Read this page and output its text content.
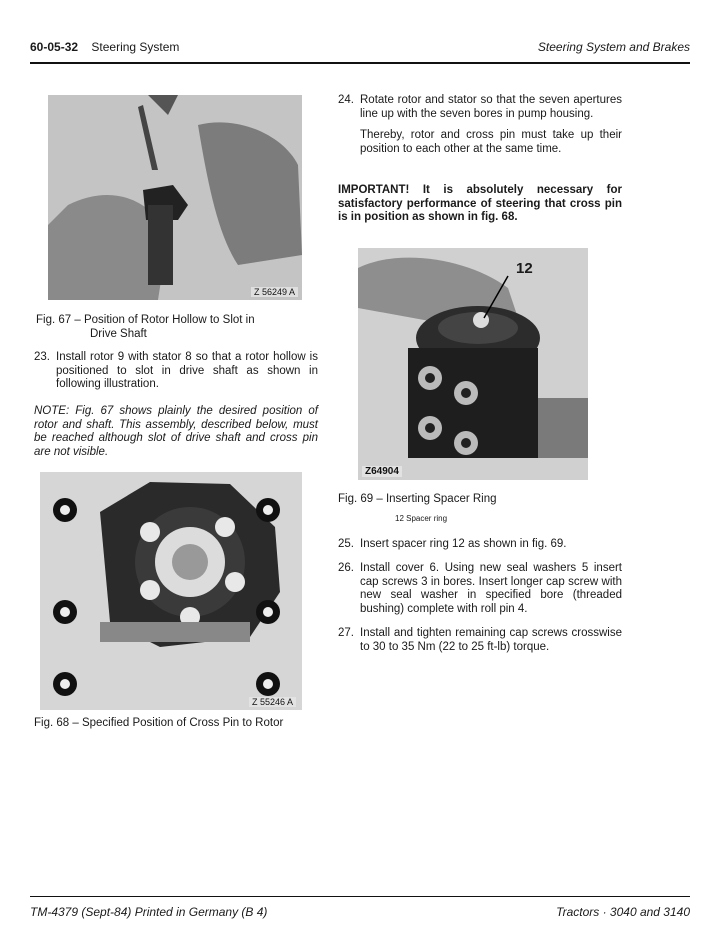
60-05-32 Steering System	Steering System and Brakes
Z 56249 A
Fig. 67 – Position of Rotor Hollow to Slot in
Drive Shaft
23. Install rotor 9 with stator 8 so that a rotor hollow is positioned to slot in drive shaft as shown in following illustration.
NOTE: Fig. 67 shows plainly the desired position of rotor and shaft. This assembly, described below, must be reached although slot of drive shaft and cross pin are not visible.
Z 55246 A
Fig. 68 – Specified Position of Cross Pin to Rotor
24. Rotate rotor and stator so that the seven apertures line up with the seven bores in pump housing.
Thereby, rotor and cross pin must take up their position to each other at the same time.
IMPORTANT! It is absolutely necessary for satisfactory performance of steering that cross pin is in position as shown in fig. 68.
12
Z64904
Fig. 69 – Inserting Spacer Ring
12 Spacer ring
25. Insert spacer ring 12 as shown in fig. 69.
26. Install cover 6. Using new seal washers 5 insert cap screws 3 in bores. Insert longer cap screw with new seal washer in specified bore (threaded bushing) complete with roll pin 4.
27. Install and tighten remaining cap screws crosswise to 30 to 35 Nm (22 to 25 ft-lb) torque.
TM-4379 (Sept-84) Printed in Germany (B 4)	Tractors · 3040 and 3140
